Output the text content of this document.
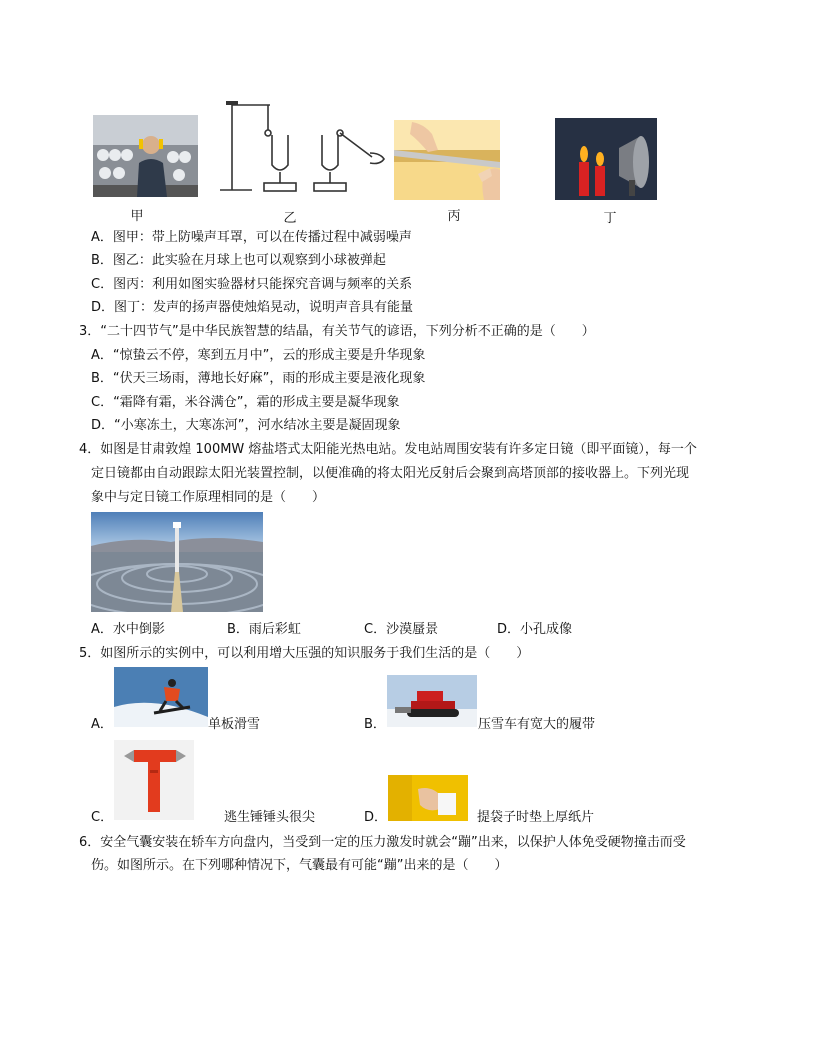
甲	乙	丙	丁
A．图甲：带上防噪声耳罩，可以在传播过程中减弱噪声
B．图乙：此实验在月球上也可以观察到小球被弹起
C．图丙：利用如图实验器材只能探究音调与频率的关系
D．图丁：发声的扬声器使烛焰晃动，说明声音具有能量
3．“二十四节气”是中华民族智慧的结晶，有关节气的谚语，下列分析不正确的是（　　）
A．“惊蛰云不停，寒到五月中”，云的形成主要是升华现象
B．“伏天三场雨，薄地长好麻”，雨的形成主要是液化现象
C．“霜降有霜，米谷满仓”，霜的形成主要是凝华现象
D．“小寒冻土，大寒冻河”，河水结冰主要是凝固现象
4．如图是甘肃敦煌 100MW 熔盐塔式太阳能光热电站。发电站周围安装有许多定日镜（即平面镜），每一个
定日镜都由自动跟踪太阳光装置控制，以便准确的将太阳光反射后会聚到高塔顶部的接收器上。下列光现
象中与定日镜工作原理相同的是（　　）
A．水中倒影	B．雨后彩虹	C．沙漠蜃景	D．小孔成像
5．如图所示的实例中，可以利用增大压强的知识服务于我们生活的是（　　）
A．	单板滑雪	B．	压雪车有宽大的履带
C．	逃生锤锤头很尖	D．	提袋子时垫上厚纸片
6．安全气囊安装在轿车方向盘内，当受到一定的压力激发时就会“蹦”出来，以保护人体免受硬物撞击而受
伤。如图所示。在下列哪种情况下，气囊最有可能“蹦”出来的是（　　）
